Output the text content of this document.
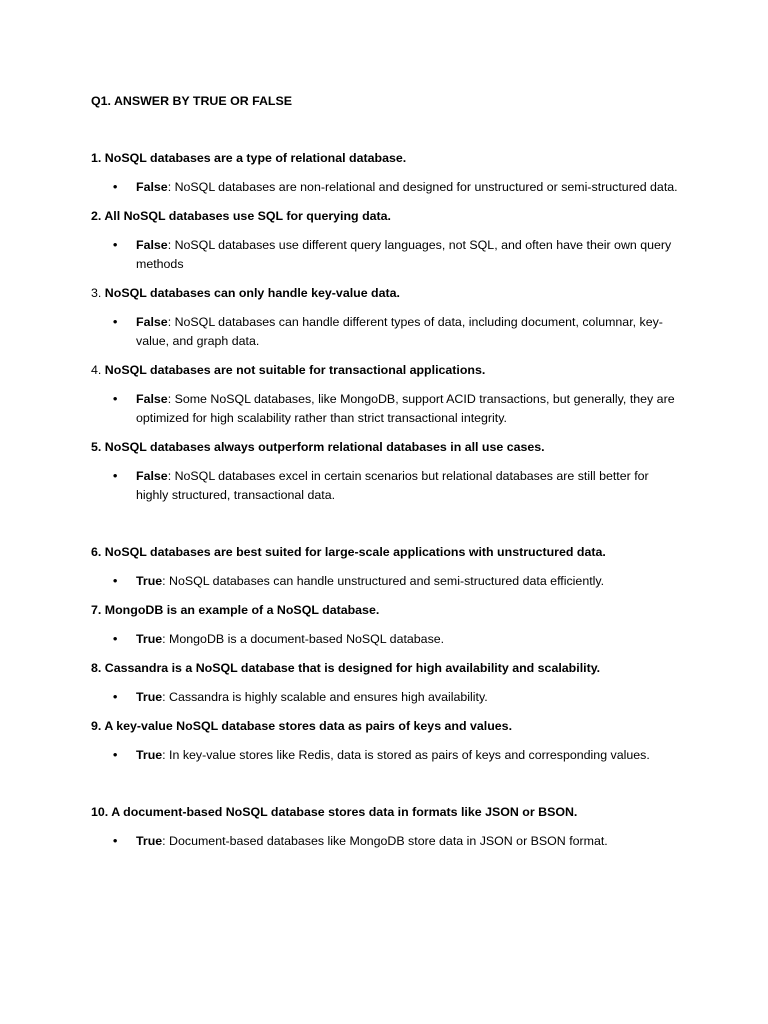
Q1. ANSWER BY TRUE OR FALSE

1. NoSQL databases are a type of relational database.

• False: NoSQL databases are non-relational and designed for unstructured or semi-structured data.

2. All NoSQL databases use SQL for querying data.

• False: NoSQL databases use different query languages, not SQL, and often have their own query methods

3. NoSQL databases can only handle key-value data.

• False: NoSQL databases can handle different types of data, including document, columnar, key-value, and graph data.

4. NoSQL databases are not suitable for transactional applications.

• False: Some NoSQL databases, like MongoDB, support ACID transactions, but generally, they are optimized for high scalability rather than strict transactional integrity.

5. NoSQL databases always outperform relational databases in all use cases.

• False: NoSQL databases excel in certain scenarios but relational databases are still better for highly structured, transactional data.

6. NoSQL databases are best suited for large-scale applications with unstructured data.

• True: NoSQL databases can handle unstructured and semi-structured data efficiently.

7. MongoDB is an example of a NoSQL database.

• True: MongoDB is a document-based NoSQL database.

8. Cassandra is a NoSQL database that is designed for high availability and scalability.

• True: Cassandra is highly scalable and ensures high availability.

9. A key-value NoSQL database stores data as pairs of keys and values.

• True: In key-value stores like Redis, data is stored as pairs of keys and corresponding values.

10. A document-based NoSQL database stores data in formats like JSON or BSON.

• True: Document-based databases like MongoDB store data in JSON or BSON format.
